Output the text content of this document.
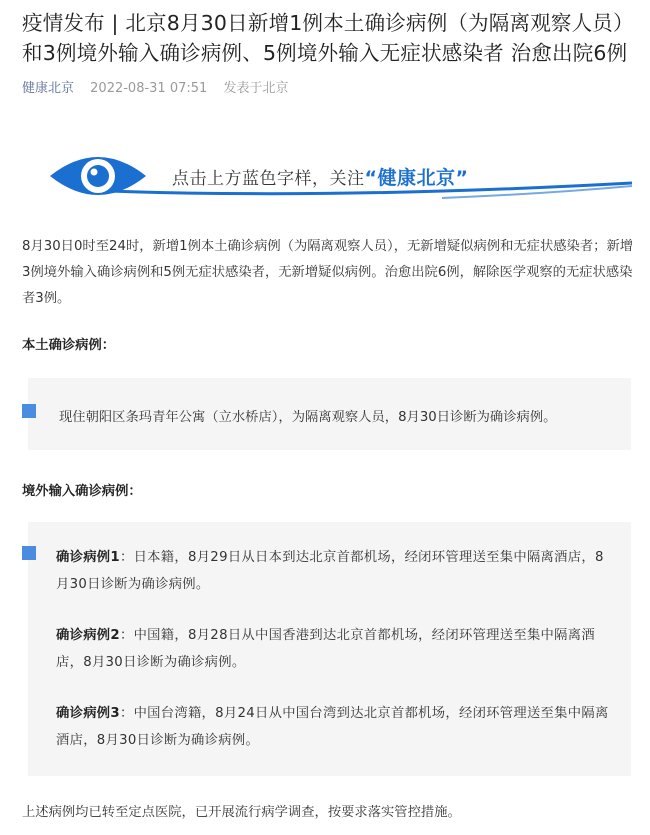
疫情发布 | 北京8月30日新增1例本土确诊病例（为隔离观察人员）
和3例境外输入确诊病例、5例境外输入无症状感染者 治愈出院6例
健康北京 2022-08-31 07:51 发表于北京
点击上方蓝色字样，关注“健康北京”
8月30日0时至24时，新增1例本土确诊病例（为隔离观察人员），无新增疑似病例和无症状感染者；新增3例境外输入确诊病例和5例无症状感染者，无新增疑似病例。治愈出院6例，解除医学观察的无症状感染者3例。
本土确诊病例：
现住朝阳区条玛青年公寓（立水桥店），为隔离观察人员，8月30日诊断为确诊病例。
境外输入确诊病例：
确诊病例1：日本籍，8月29日从日本到达北京首都机场，经闭环管理送至集中隔离酒店，8月30日诊断为确诊病例。
确诊病例2：中国籍，8月28日从中国香港到达北京首都机场，经闭环管理送至集中隔离酒店，8月30日诊断为确诊病例。
确诊病例3：中国台湾籍，8月24日从中国台湾到达北京首都机场，经闭环管理送至集中隔离酒店，8月30日诊断为确诊病例。
上述病例均已转至定点医院，已开展流行病学调查，按要求落实管控措施。
